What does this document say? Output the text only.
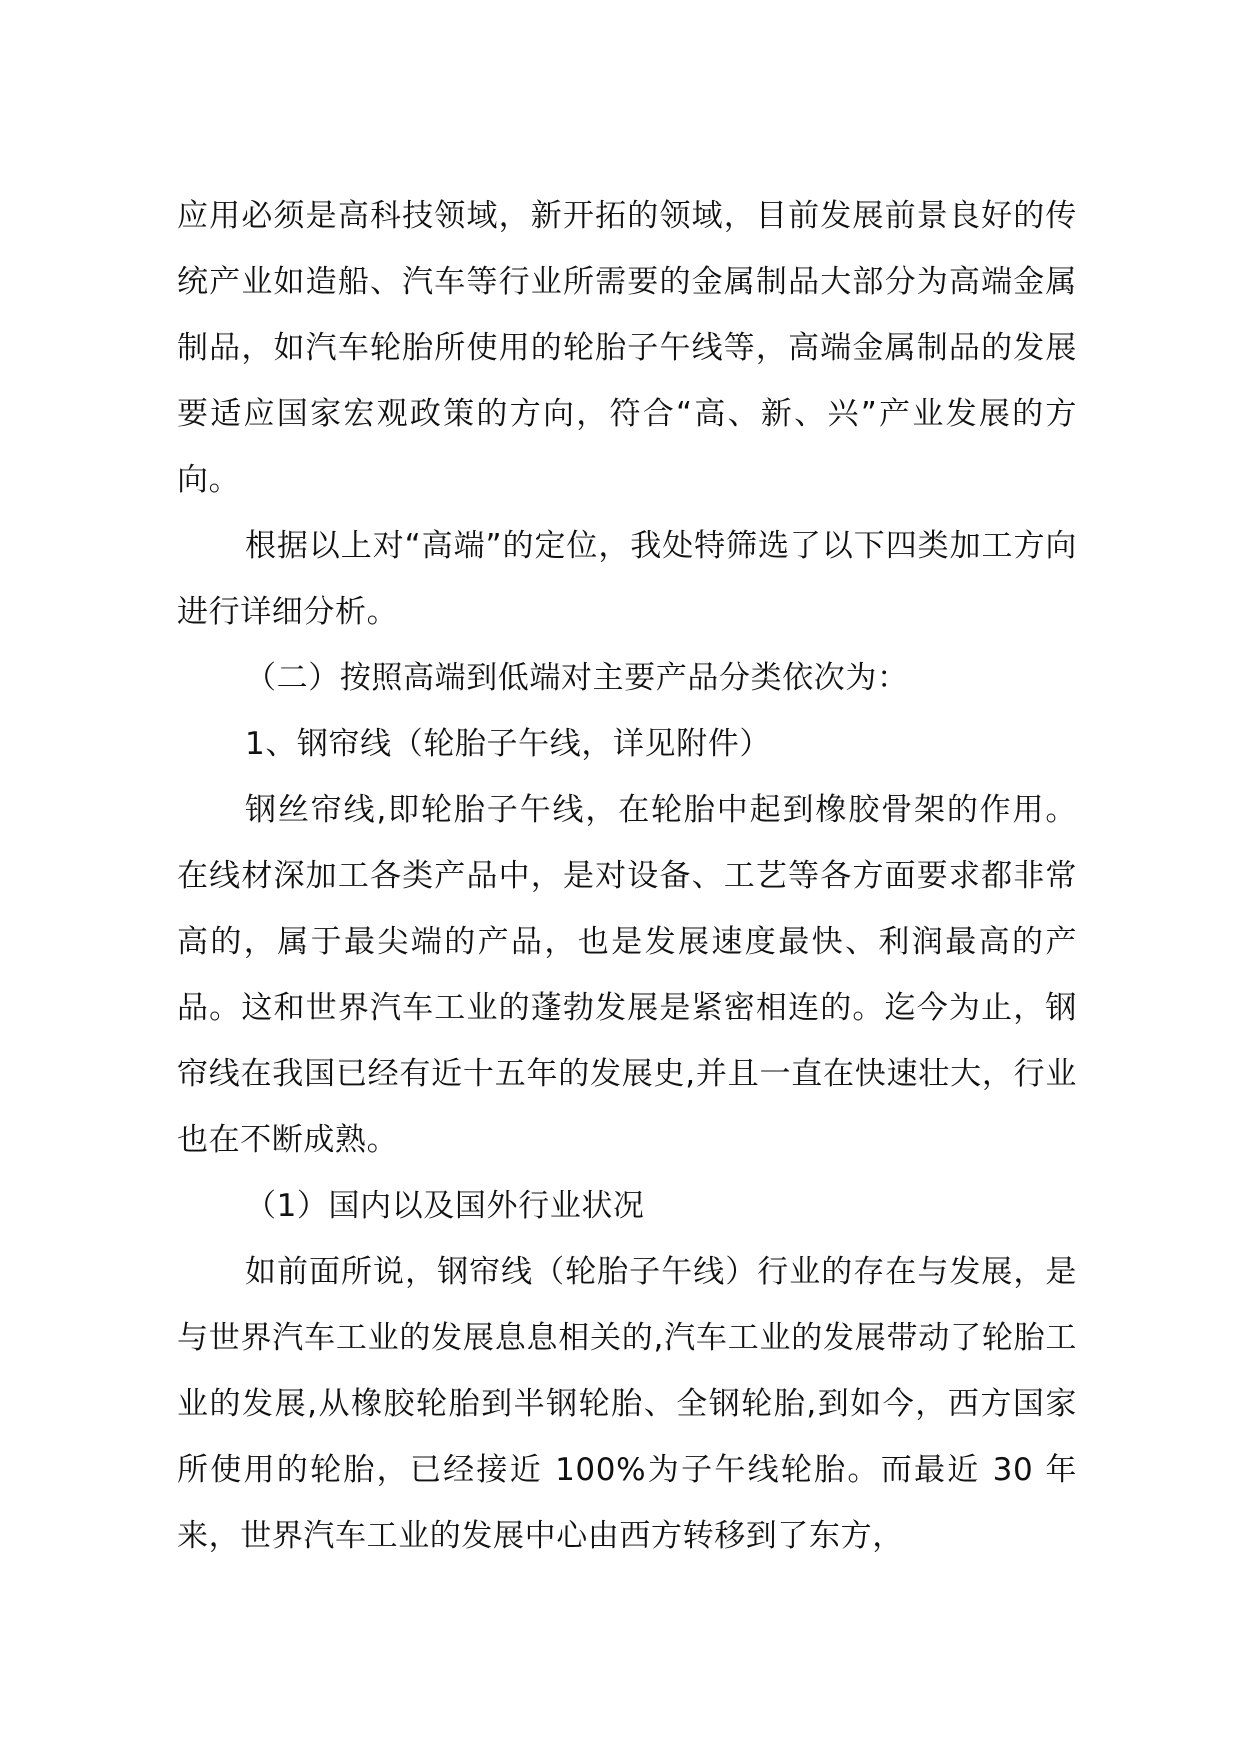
应用必须是高科技领域，新开拓的领域，目前发展前景良好的传统产业如造船、汽车等行业所需要的金属制品大部分为高端金属制品，如汽车轮胎所使用的轮胎子午线等，高端金属制品的发展要适应国家宏观政策的方向，符合“高、新、兴”产业发展的方向。

根据以上对“高端”的定位，我处特筛选了以下四类加工方向进行详细分析。

（二）按照高端到低端对主要产品分类依次为：

1、钢帘线（轮胎子午线，详见附件）

钢丝帘线,即轮胎子午线，在轮胎中起到橡胶骨架的作用。在线材深加工各类产品中，是对设备、工艺等各方面要求都非常高的，属于最尖端的产品，也是发展速度最快、利润最高的产品。这和世界汽车工业的蓬勃发展是紧密相连的。迄今为止，钢帘线在我国已经有近十五年的发展史,并且一直在快速壮大，行业也在不断成熟。

（1）国内以及国外行业状况

如前面所说，钢帘线（轮胎子午线）行业的存在与发展，是与世界汽车工业的发展息息相关的,汽车工业的发展带动了轮胎工业的发展,从橡胶轮胎到半钢轮胎、全钢轮胎,到如今，西方国家所使用的轮胎，已经接近 100%为子午线轮胎。而最近 30 年来，世界汽车工业的发展中心由西方转移到了东方，
